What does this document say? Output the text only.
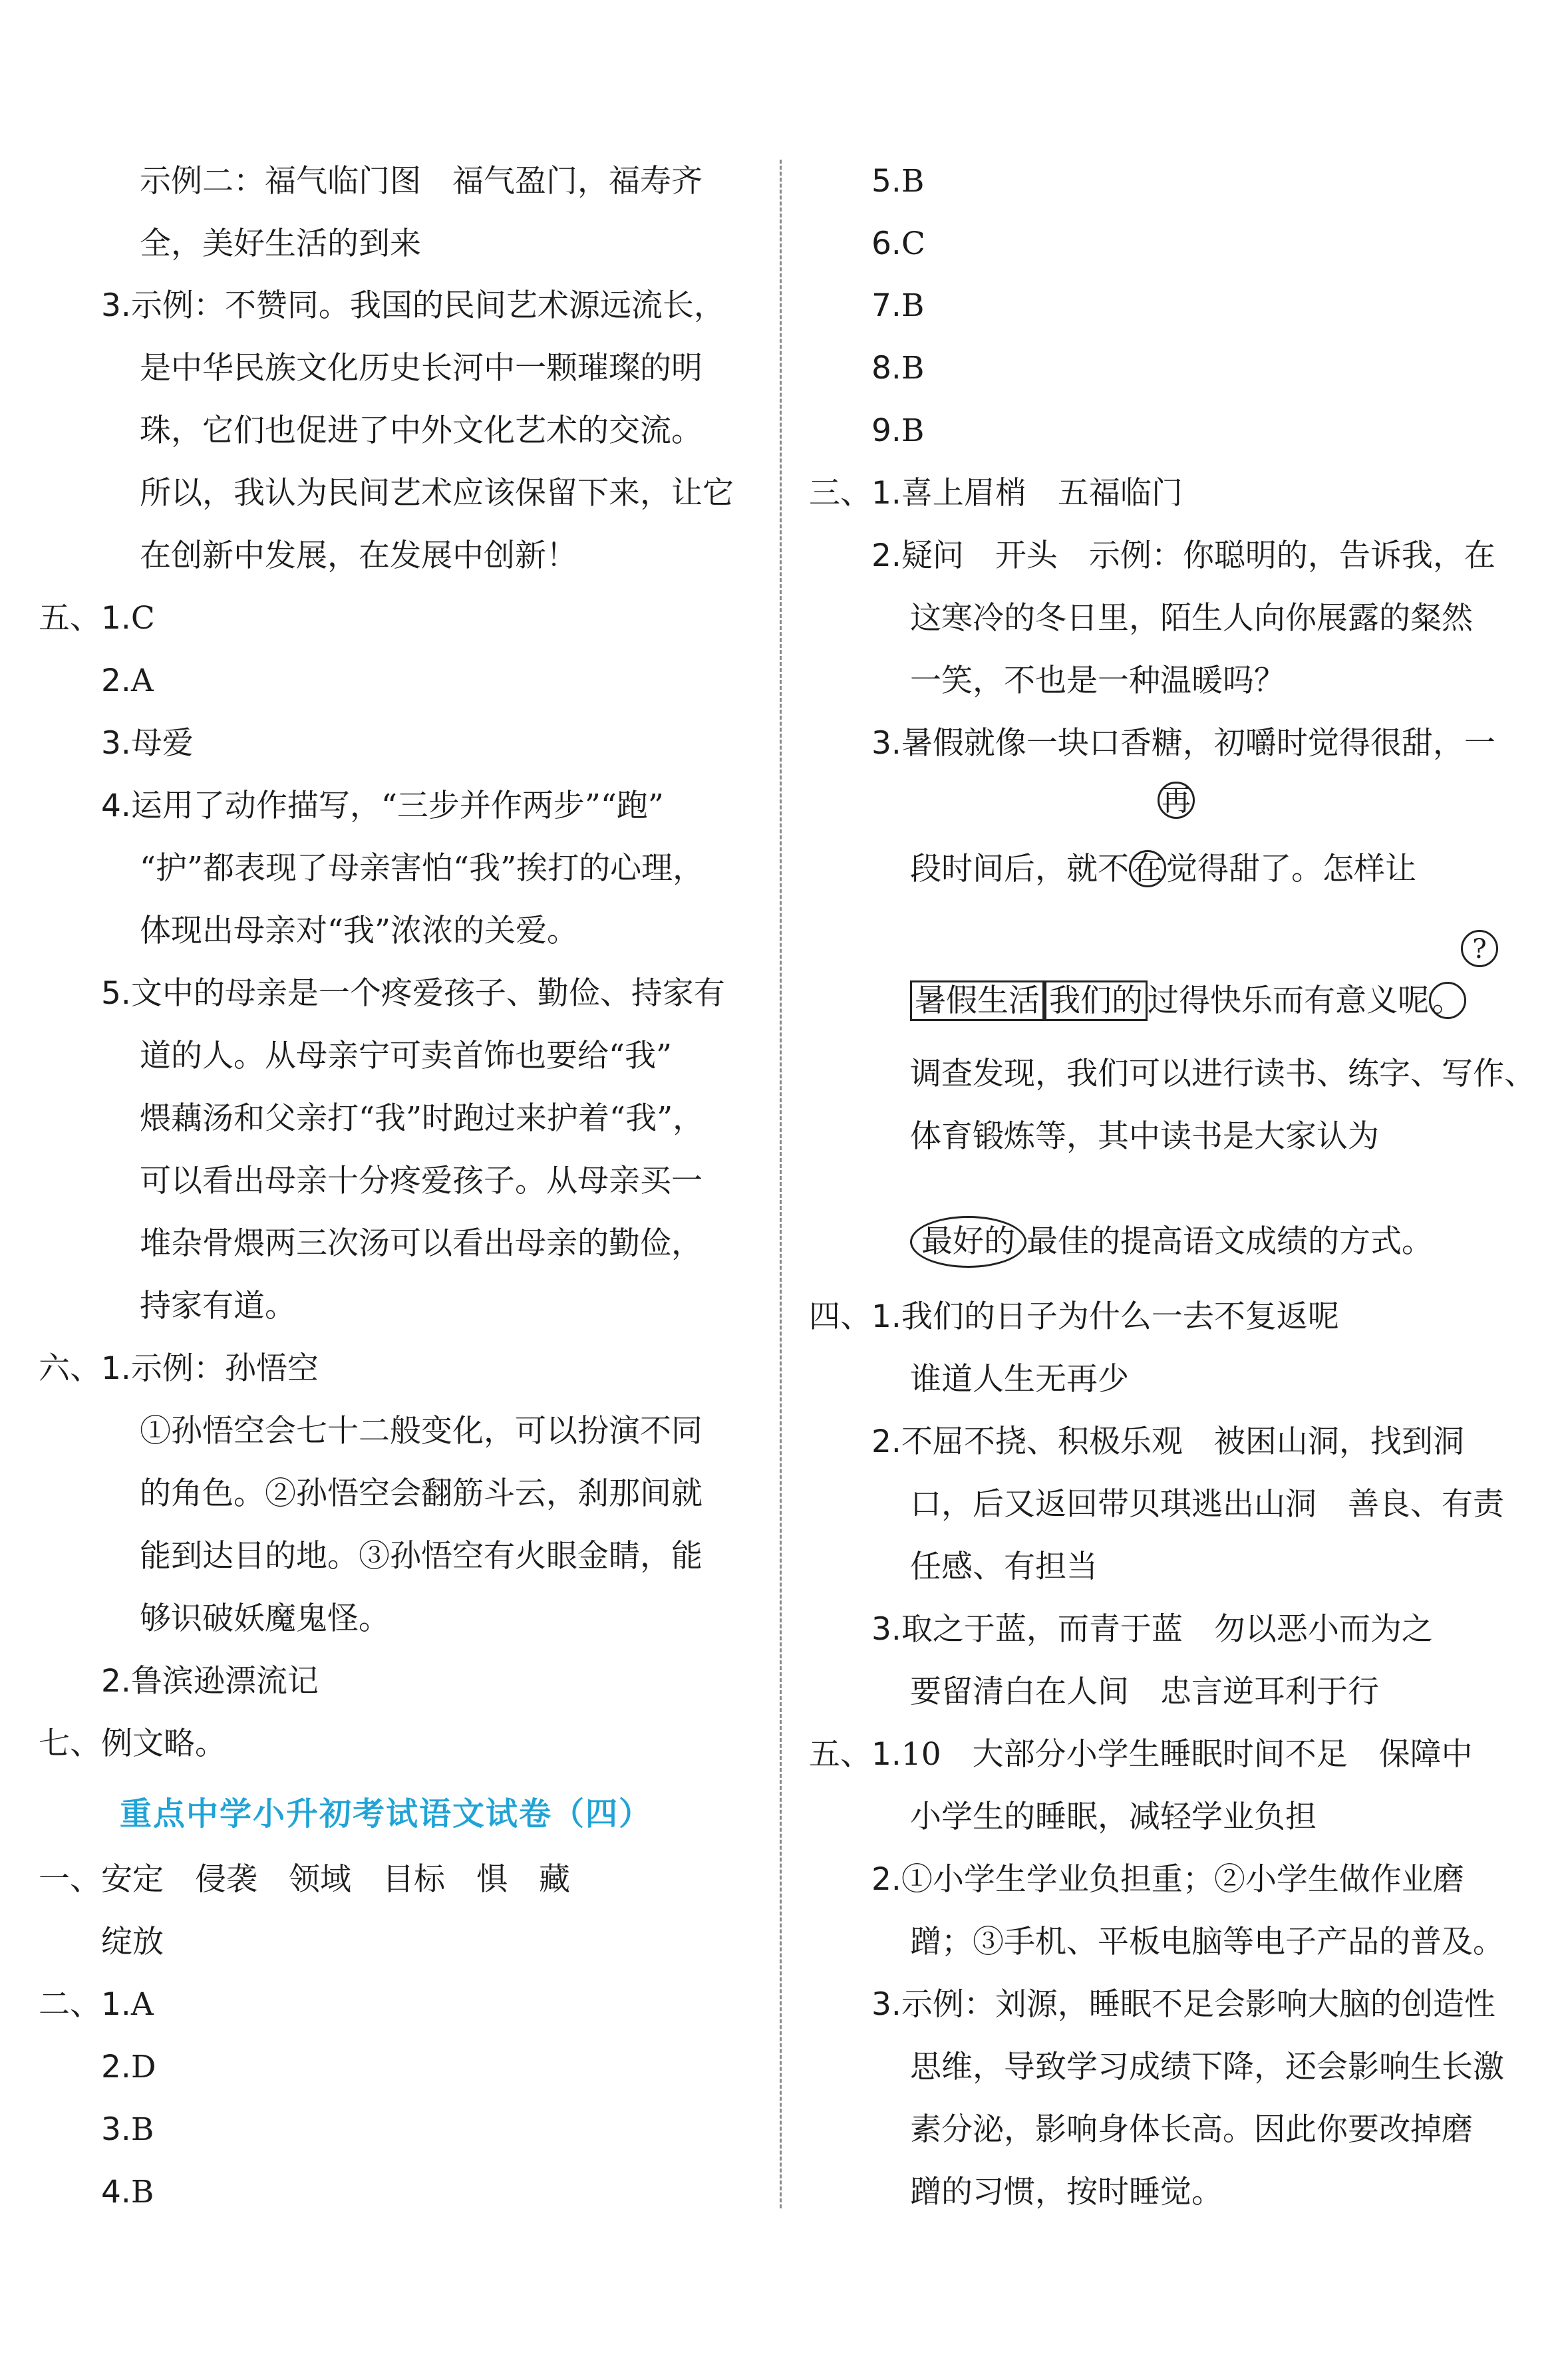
示例二：福气临门图　福气盈门，福寿齐
全，美好生活的到来
3.示例：不赞同。我国的民间艺术源远流长，
是中华民族文化历史长河中一颗璀璨的明
珠，它们也促进了中外文化艺术的交流。
所以，我认为民间艺术应该保留下来，让它
在创新中发展，在发展中创新！
五、1.C
2.A
3.母爱
4.运用了动作描写，“三步并作两步”“跑”
“护”都表现了母亲害怕“我”挨打的心理，
体现出母亲对“我”浓浓的关爱。
5.文中的母亲是一个疼爱孩子、勤俭、持家有
道的人。从母亲宁可卖首饰也要给“我”
煨藕汤和父亲打“我”时跑过来护着“我”，
可以看出母亲十分疼爱孩子。从母亲买一
堆杂骨煨两三次汤可以看出母亲的勤俭，
持家有道。
六、1.示例：孙悟空
①孙悟空会七十二般变化，可以扮演不同
的角色。②孙悟空会翻筋斗云，刹那间就
能到达目的地。③孙悟空有火眼金睛，能
够识破妖魔鬼怪。
2.鲁滨逊漂流记
七、例文略。
重点中学小升初考试语文试卷（四）
一、安定　侵袭　领域　目标　惧　藏
绽放
二、1.A
2.D
3.B
4.B
5.B
6.C
7.B
8.B
9.B
三、1.喜上眉梢　五福临门
2.疑问　开头　示例：你聪明的，告诉我，在
这寒冷的冬日里，陌生人向你展露的粲然
一笑，不也是一种温暖吗？
3.暑假就像一块口香糖，初嚼时觉得很甜，一
再
段时间后，就不在觉得甜了。怎样让
?
暑假生活 我们的 过得快乐而有意义呢。
调查发现，我们可以进行读书、练字、写作、
体育锻炼等，其中读书是大家认为
最好的 最佳的提高语文成绩的方式。
四、1.我们的日子为什么一去不复返呢
谁道人生无再少
2.不屈不挠、积极乐观　被困山洞，找到洞
口，后又返回带贝琪逃出山洞　善良、有责
任感、有担当
3.取之于蓝，而青于蓝　勿以恶小而为之
要留清白在人间　忠言逆耳利于行
五、1.10　大部分小学生睡眠时间不足　保障中
小学生的睡眠，减轻学业负担
2.①小学生学业负担重；②小学生做作业磨
蹭；③手机、平板电脑等电子产品的普及。
3.示例：刘源，睡眠不足会影响大脑的创造性
思维，导致学习成绩下降，还会影响生长激
素分泌，影响身体长高。因此你要改掉磨
蹭的习惯，按时睡觉。
